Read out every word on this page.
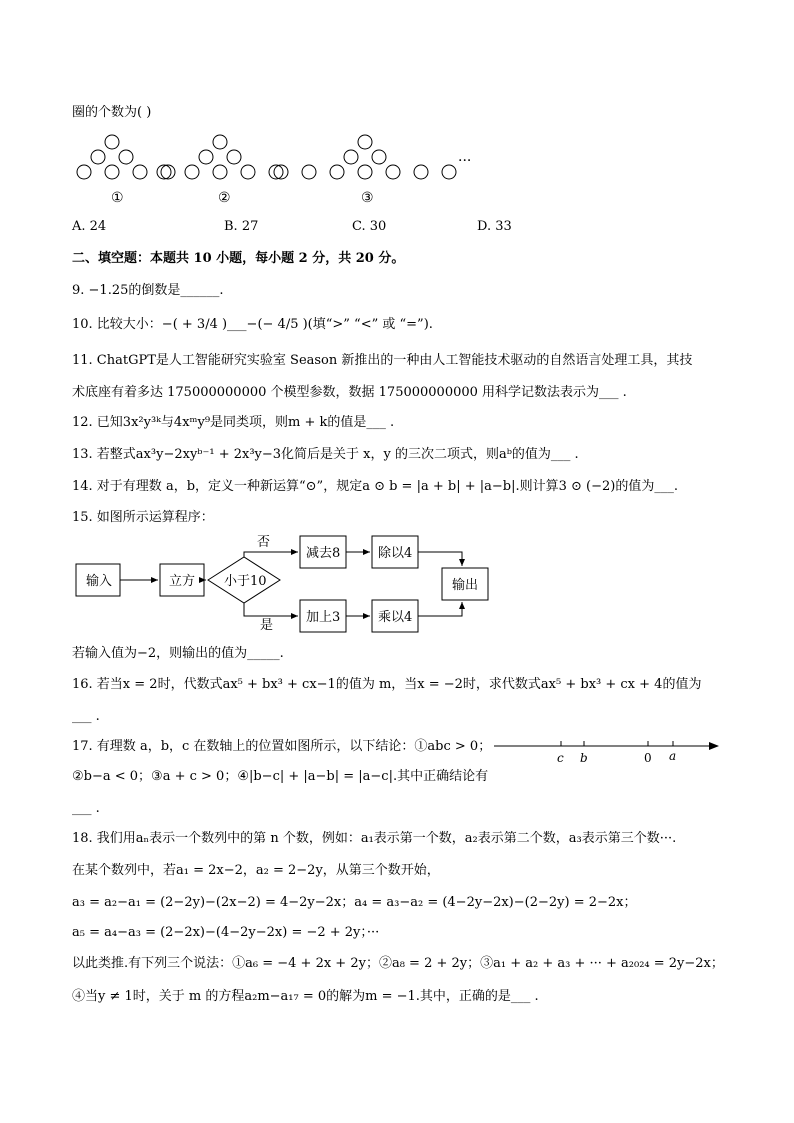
圈的个数为( )
①	②	③
···
A. 24	B. 27	C. 30	D. 33
二、填空题：本题共 10 小题，每小题 2 分，共 20 分。
9. −1.25的倒数是______.
10. 比较大小：−( + 3/4 )___−(− 4/5 )(填“>” “<” 或 “=”).
11. ChatGPT是人工智能研究实验室 Season 新推出的一种由人工智能技术驱动的自然语言处理工具，其技
术底座有着多达 175000000000 个模型参数，数据 175000000000 用科学记数法表示为___ .
12. 已知3x²y³ᵏ与4xᵐy⁹是同类项，则m + k的值是___ .
13. 若整式ax³y−2xyᵇ⁻¹ + 2x³y−3化简后是关于 x，y 的三次二项式，则aᵇ的值为___ .
14. 对于有理数 a，b，定义一种新运算“⊙”，规定a ⊙ b = |a + b| + |a−b|.则计算3 ⊙ (−2)的值为___.
15. 如图所示运算程序：
输入	立方 小于10
否
是
减去8	除以4
加上3	乘以4
输出
若输入值为−2，则输出的值为_____.
16. 若当x = 2时，代数式ax⁵ + bx³ + cx−1的值为 m，当x = −2时，求代数式ax⁵ + bx³ + cx + 4的值为
___ .
17. 有理数 a，b，c 在数轴上的位置如图所示，以下结论：①abc > 0；
c b	0 a
②b−a < 0；③a + c > 0；④|b−c| + |a−b| = |a−c|.其中正确结论有
___ .
18. 我们用aₙ表示一个数列中的第 n 个数，例如：a₁表示第一个数，a₂表示第二个数，a₃表示第三个数···.
在某个数列中，若a₁ = 2x−2，a₂ = 2−2y，从第三个数开始，
a₃ = a₂−a₁ = (2−2y)−(2x−2) = 4−2y−2x；a₄ = a₃−a₂ = (4−2y−2x)−(2−2y) = 2−2x；
a₅ = a₄−a₃ = (2−2x)−(4−2y−2x) = −2 + 2y；···
以此类推.有下列三个说法：①a₆ = −4 + 2x + 2y；②a₈ = 2 + 2y；③a₁ + a₂ + a₃ + ··· + a₂₀₂₄ = 2y−2x；
④当y ≠ 1时，关于 m 的方程a₂m−a₁₇ = 0的解为m = −1.其中，正确的是___ .
